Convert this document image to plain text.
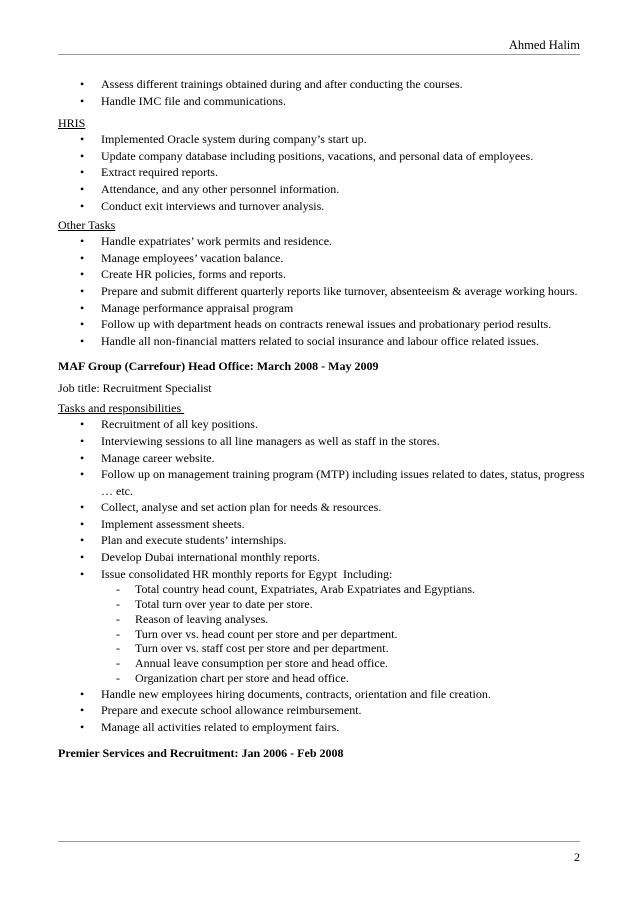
Ahmed Halim
• Assess different trainings obtained during and after conducting the courses.
• Handle IMC file and communications.
HRIS
• Implemented Oracle system during company’s start up.
• Update company database including positions, vacations, and personal data of employees.
• Extract required reports.
• Attendance, and any other personnel information.
• Conduct exit interviews and turnover analysis.
Other Tasks
• Handle expatriates’ work permits and residence.
• Manage employees’ vacation balance.
• Create HR policies, forms and reports.
• Prepare and submit different quarterly reports like turnover, absenteeism & average working hours.
• Manage performance appraisal program
• Follow up with department heads on contracts renewal issues and probationary period results.
• Handle all non-financial matters related to social insurance and labour office related issues.
MAF Group (Carrefour) Head Office: March 2008 - May 2009
Job title: Recruitment Specialist
Tasks and responsibilities
• Recruitment of all key positions.
• Interviewing sessions to all line managers as well as staff in the stores.
• Manage career website.
• Follow up on management training program (MTP) including issues related to dates, status, progress … etc.
• Collect, analyse and set action plan for needs & resources.
• Implement assessment sheets.
• Plan and execute students’ internships.
• Develop Dubai international monthly reports.
• Issue consolidated HR monthly reports for Egypt  Including:
- Total country head count, Expatriates, Arab Expatriates and Egyptians.
- Total turn over year to date per store.
- Reason of leaving analyses.
- Turn over vs. head count per store and per department.
- Turn over vs. staff cost per store and per department.
- Annual leave consumption per store and head office.
- Organization chart per store and head office.
• Handle new employees hiring documents, contracts, orientation and file creation.
• Prepare and execute school allowance reimbursement.
• Manage all activities related to employment fairs.
Premier Services and Recruitment: Jan 2006 - Feb 2008
2
